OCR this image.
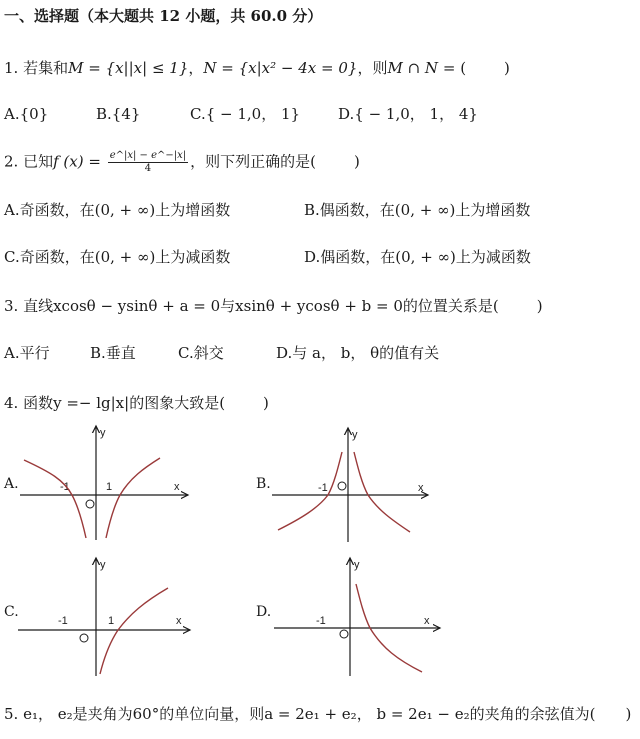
一、选择题（本大题共 12 小题，共 60.0 分）
1. 若集和M = {x||x| ≤ 1}，N = {x|x² − 4x = 0}，则M ∩ N = (	)
A.{0}	B.{4}	C.{ − 1,0， 1}	D.{ − 1,0， 1， 4}
2. 已知f $(x) = \frac{e\^{}|x| - e\^{}-|x|}{4}$ ，则下列正确的是(	)
A.奇函数，在(0, + ∞)上为增函数	B.偶函数，在(0, + ∞)上为增函数
C.奇函数，在(0, + ∞)上为减函数	D.偶函数，在(0, + ∞)上为减函数
3. 直线xcosθ − ysinθ + a = 0与xsinθ + ycosθ + b = 0的位置关系是(	)
A.平行	B.垂直	C.斜交	D.与 a， b， θ的值有关
4. 函数y =− lg|x|的图象大致是(	)
A.
y
x
-1	1	B.
y
x
-1
C.
y
x
-1	1
D.
y
x
-1
5. e₁， e₂是夹角为60°的单位向量，则a = 2e₁ + e₂， b = 2e₁ − e₂的夹角的余弦值为( )
